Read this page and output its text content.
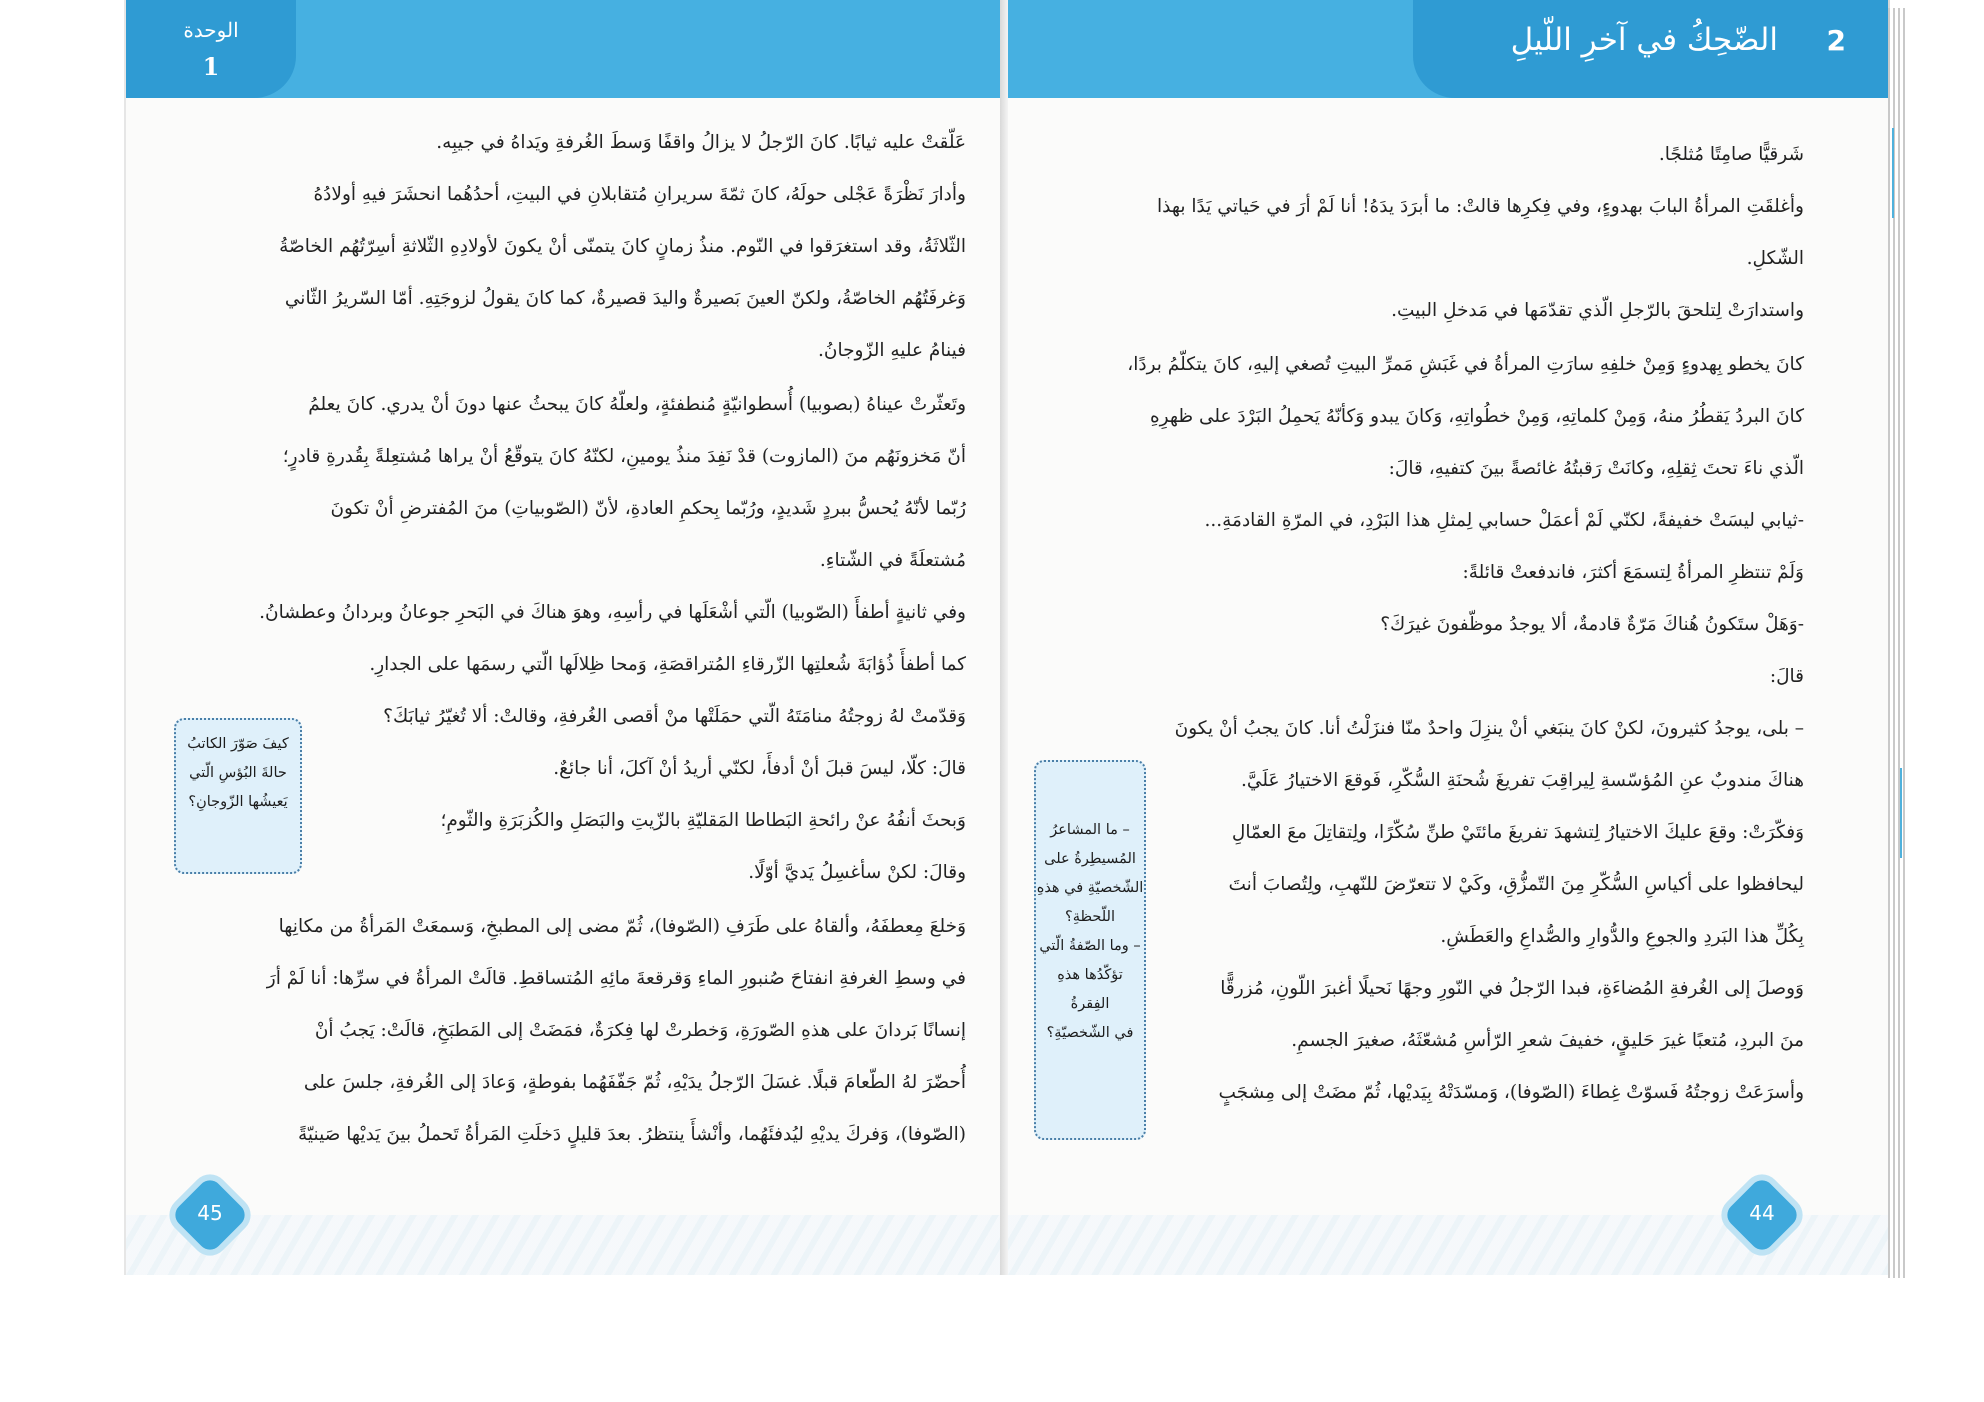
الوحدة
1
عَلّقتْ عليه ثيابًا. كانَ الرّجلُ لا يزالُ واقفًا وَسطَ الغُرفةِ ويَداهُ في جيبِه.
وأدارَ نَظْرَةً عَجْلى حولَهُ، كانَ ثمّةَ سريرانِ مُتقابلانِ في البيتِ، أحدُهُما انحشَرَ فيهِ أولادُهُ
الثّلاثَةُ، وقد استغرَقوا في النّوم. منذُ زمانٍ كانَ يتمنّى أنْ يكونَ لأولادِهِ الثّلاثةِ أسِرّتُهُم الخاصّةُ
وَغرفَتُهُم الخاصّةُ، ولكنّ العينَ بَصيرةٌ واليدَ قصيرةٌ، كما كانَ يقولُ لزوجَتِهِ. أمّا السّريرُ الثّاني
فينامُ عليهِ الزّوجانُ.
وتَعثّرتْ عيناهُ (بصوبيا) أُسطوانيّةٍ مُنطفئةٍ، ولعلّهُ كانَ يبحثُ عنها دونَ أنْ يدري. كانَ يعلمُ
أنّ مَخزونَهُم منَ (المازوت) قدْ نَفِدَ منذُ يومينِ، لكنّهُ كانَ يتوقّعُ أنْ يراها مُشتعِلةً بِقُدرةِ قادرٍ؛
رُبّما لأنّهُ يُحسُّ ببردٍ شَديدٍ، ورُبّما بِحكمِ العادةِ، لأنّ (الصّوبياتِ) منَ المُفترضِ أنْ تكونَ
مُشتعلَةً في الشّتاءِ.
وفي ثانيةٍ أطفأَ (الصّوبيا) الّتي أشْعَلَها في رأسِهِ، وهوَ هناكَ في البَحرِ جوعانُ وبردانُ وعطشانُ.
كما أطفأَ ذُؤابَةَ شُعلتِها الزّرقاءِ المُتراقصَةِ، وَمحا ظِلالَها الّتي رسمَها على الجدارِ.
وَقدّمتْ لهُ زوجتُهُ منامَتَهُ الّتي حمَلَتْها منْ أقصى الغُرفةِ، وقالتْ: ألا تُغيّرُ ثيابَكَ؟
قالَ: كلّا، ليسَ قبلَ أنْ أدفأَ، لكنّي أريدُ أنْ آكلَ، أنا جائعٌ.
وَبحثَ أنفُهُ عنْ رائحةِ البَطاطا المَقليّةِ بالزّيتِ والبَصَلِ والكُزبَرَةِ والثّومِ؛
وقالَ: لكنْ سأغسِلُ يَديَّ أوّلًا.
وَخلعَ مِعطفَهُ، وألقاهُ على طَرَفِ (الصّوفا)، ثُمّ مضى إلى المطبخِ، وَسمعَتْ المَرأةُ من مكانِها
في وسطِ الغرفةِ انفتاحَ صُنبورِ الماءِ وَقرقعةَ مائِهِ المُتساقطِ. قالَتْ المرأةُ في سرِّها: أنا لَمْ أرَ
إنسانًا بَردانَ على هذهِ الصّورَةِ، وَخطرتْ لها فِكرَةٌ، فمَضَتْ إلى المَطبَخِ، قالَتْ: يَجبُ أنْ
أُحضّرَ لهُ الطّعامَ قبلًا. غسَلَ الرّجلُ يدَيْهِ، ثُمّ جَفّفَهُما بفوطةٍ، وَعادَ إلى الغُرفةِ، جلسَ على
(الصّوفا)، وَفركَ يديْهِ ليُدفئَهُما، وأنْشأَ ينتظرُ. بعدَ قليلٍ دَخلَتِ المَرأةُ تَحملُ بينَ يَديْها صَينيّةً

كيفَ صَوّرَ الكاتبُ

حالةَ البُؤسِ الّتي

يَعيشُها الزّوجانِ؟

45
2
الضّحِكُ في آخرِ اللّيلِ
شَرقيًّا صامِتًا مُثلجًا.
وأغلقَتِ المرأةُ البابَ بهدوءٍ، وفي فِكرِها قالتْ: ما أبرَدَ يدَهُ! أنا لَمْ أرَ في حَياتي يَدًا بهذا
الشّكلِ.
واستدارَتْ لِتلحقَ بالرّجلِ الّذي تقدّمَها في مَدخلِ البيتِ.
كانَ يخطو بِهدوءٍ وَمِنْ خلفِهِ سارَتِ المرأةُ في غَبَشِ مَمرِّ البيتِ تُصغي إليهِ، كانَ يتكلّمُ بردًا،
كانَ البردُ يَقطُرُ منهُ، وَمِنْ كلماتِهِ، وَمِنْ خطُواتِهِ، وَكانَ يبدو وَكأنّهُ يَحمِلُ البَرْدَ على ظهرِهِ
الّذي ناءَ تحتَ ثِقلِهِ، وكانَتْ رَقبتُهُ غائصةً بينَ كتفيهِ، قالَ:
-ثيابي ليسَتْ خفيفةً، لكنّي لَمْ أعمَلْ حسابي لِمثلِ هذا البَرْدِ، في المرّةِ القادمَةِ...
وَلَمْ تنتظرِ المرأةُ لِتسمَعَ أكثرَ، فاندفعتْ قائلةً:
-وَهَلْ ستَكونُ هُناكَ مَرّةٌ قادمةٌ، ألا يوجدُ موظّفونَ غيرَكَ؟
قالَ:
– بلى، يوجدُ كثيرونَ، لكنْ كانَ ينبَغي أنْ ينزِلَ واحدٌ منّا فنزَلْتُ أنا. كانَ يجبُ أنْ يكونَ
هناكَ مندوبٌ عنِ المُؤسّسةِ لِيراقِبَ تفريغَ شُحنَةِ السُّكّرِ، فَوقعَ الاختيارُ عَلَيَّ.
وَفكّرَتْ: وقعَ عليكَ الاختيارُ لِتشهدَ تفريغَ مائتَيْ طنِّ سُكّرًا، ولِتقاتِلَ معَ العمّالِ
ليحافظوا على أكياسِ السُّكّرِ مِنَ التّمزُّقِ، وكَيْ لا تتعرّضَ للنّهبِ، ولِتُصابَ أنتَ
بِكُلِّ هذا البَردِ والجوعِ والدُّوارِ والصُّداعِ والعَطَشِ.
وَوصلَ إلى الغُرفةِ المُضاءَةِ، فبدا الرّجلُ في النّورِ وجهًا نَحيلًا أغبرَ اللّونِ، مُزرقًّا
منَ البردِ، مُتعبًا غيرَ حَليقٍ، خفيفَ شعرِ الرّأسِ مُشعّثَهُ، صغيرَ الجسمِ.
وأسرَعَتْ زوجتُهُ فَسوّتْ غِطاءَ (الصّوفا)، وَمسّدَتْهُ بِيَديْها، ثُمّ مضَتْ إلى مِشجَبٍ

– ما المشاعرُ

المُسيطِرةُ على

الشّخصيّةِ في هذهِ

اللّحظةِ؟

– وما الصّفةُ الّتي

تؤكّدُها هذهِ الفِقرةُ

في الشّخصيّةِ؟

44
